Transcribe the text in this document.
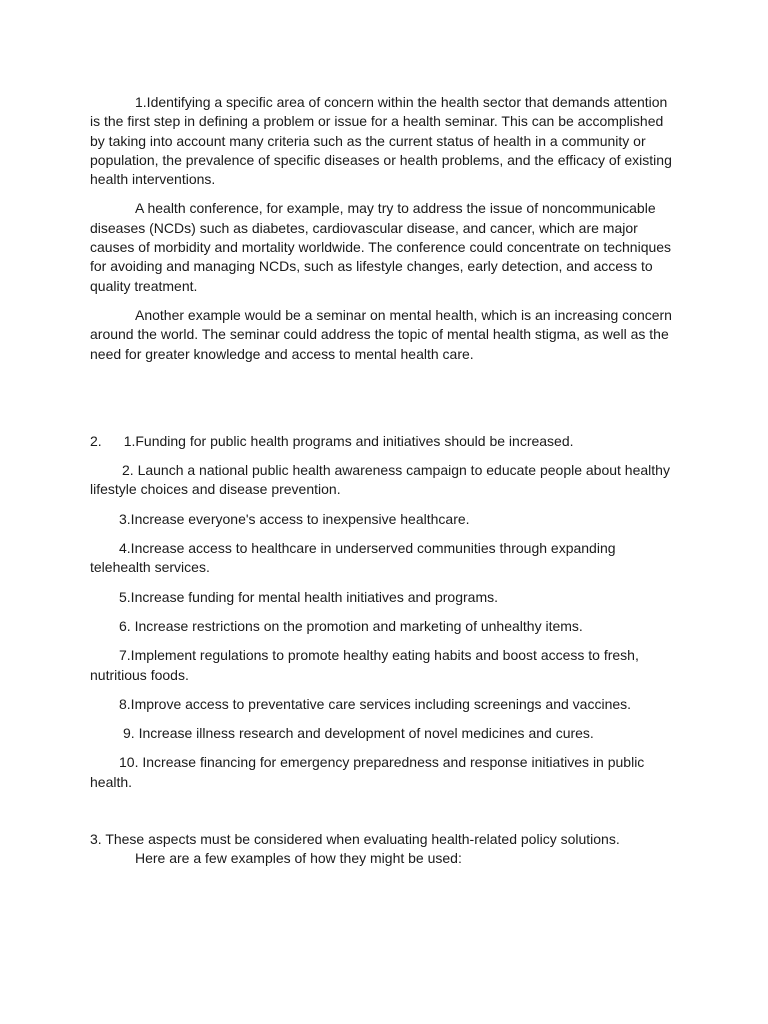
1.Identifying a specific area of concern within the health sector that demands attention is the first step in defining a problem or issue for a health seminar. This can be accomplished by taking into account many criteria such as the current status of health in a community or population, the prevalence of specific diseases or health problems, and the efficacy of existing health interventions.

A health conference, for example, may try to address the issue of noncommunicable diseases (NCDs) such as diabetes, cardiovascular disease, and cancer, which are major causes of morbidity and mortality worldwide. The conference could concentrate on techniques for avoiding and managing NCDs, such as lifestyle changes, early detection, and access to quality treatment.

Another example would be a seminar on mental health, which is an increasing concern around the world. The seminar could address the topic of mental health stigma, as well as the need for greater knowledge and access to mental health care.

2. 1.Funding for public health programs and initiatives should be increased.

2. Launch a national public health awareness campaign to educate people about healthy lifestyle choices and disease prevention.

3.Increase everyone's access to inexpensive healthcare.

4.Increase access to healthcare in underserved communities through expanding telehealth services.

5.Increase funding for mental health initiatives and programs.

6. Increase restrictions on the promotion and marketing of unhealthy items.

7.Implement regulations to promote healthy eating habits and boost access to fresh, nutritious foods.

8.Improve access to preventative care services including screenings and vaccines.

9. Increase illness research and development of novel medicines and cures.

10. Increase financing for emergency preparedness and response initiatives in public health.

3. These aspects must be considered when evaluating health-related policy solutions.

Here are a few examples of how they might be used:
